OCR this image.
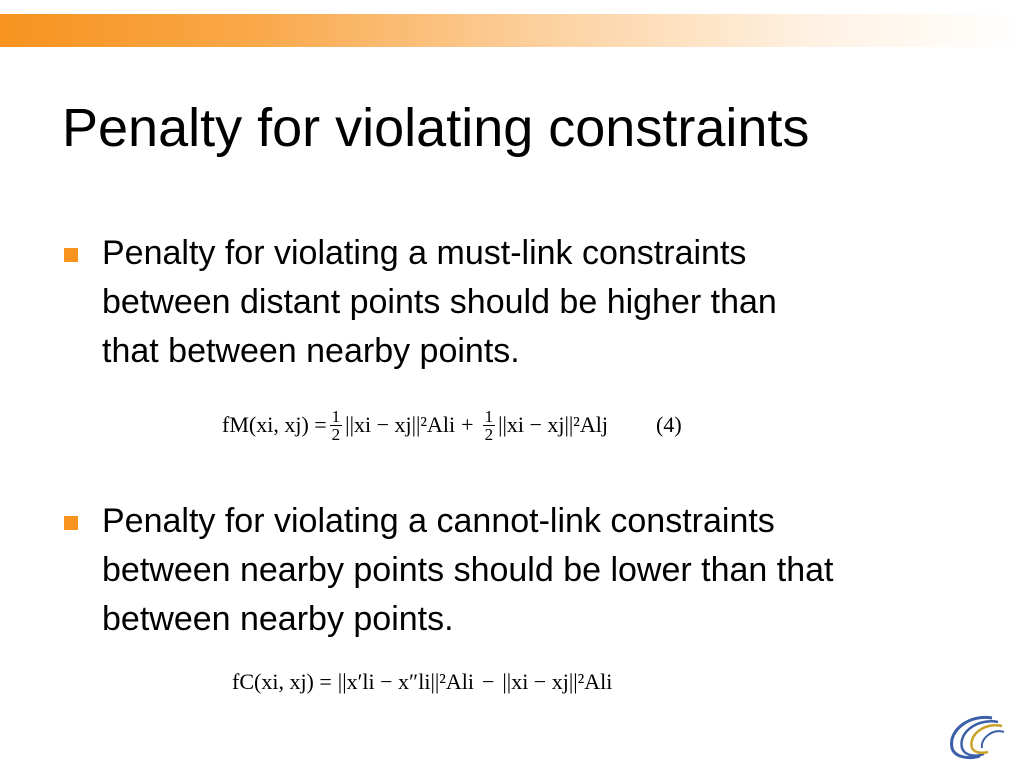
Penalty for violating constraints
Penalty for violating a must-link constraints
between distant points should be higher than
that between nearby points.
fM(xi, $xj) = \frac{1}{2} ||xi - xj||^2Ali + \frac{1}{2} ||xi - xj||^2Alj$ (4)
Penalty for violating a cannot-link constraints
between nearby points should be lower than that
between nearby points.
fC(xi, xj) = ||x′li − x″li||²Ali − ||xi − xj||²Ali
